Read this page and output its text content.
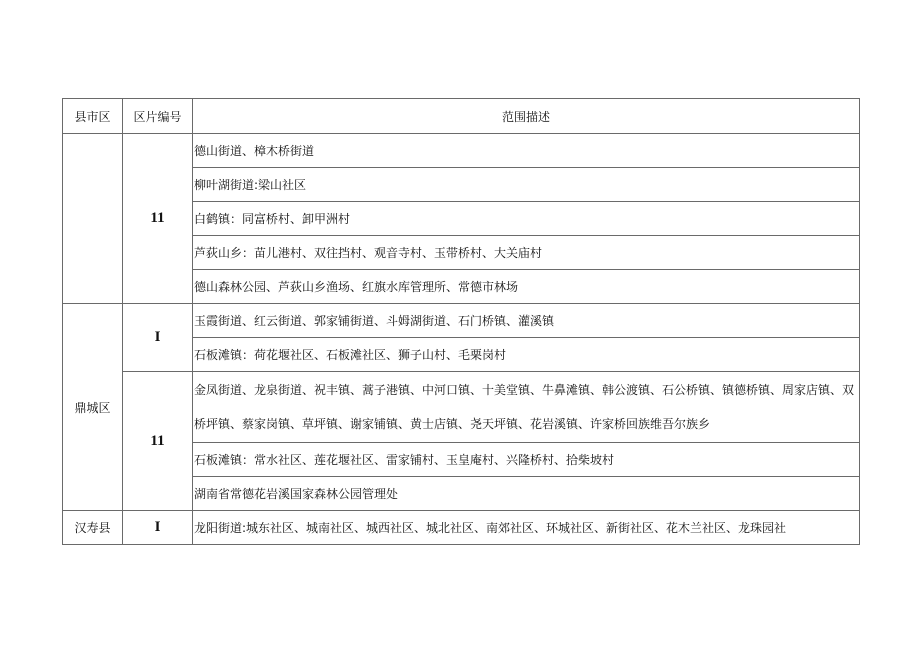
县市区	区片编号	范围描述
	11	德山街道、樟木桥街道
		柳叶湖街道:梁山社区
		白鹤镇：同富桥村、卸甲洲村
		芦荻山乡：苗儿港村、双往挡村、观音寺村、玉带桥村、大关庙村
		德山森林公园、芦荻山乡渔场、红旗水库管理所、常德市林场
鼎城区	I	玉霞街道、红云街道、郭家铺街道、斗姆湖街道、石门桥镇、灌溪镇
		石板滩镇：荷花堰社区、石板滩社区、狮子山村、毛栗岗村
	11	金凤街道、龙泉街道、祝丰镇、蒿子港镇、中河口镇、十美堂镇、牛鼻滩镇、韩公渡镇、石公桥镇、镇德桥镇、周家店镇、双桥坪镇、蔡家岗镇、草坪镇、谢家铺镇、黄士店镇、尧天坪镇、花岩溪镇、许家桥回族维吾尔族乡
		石板滩镇：常水社区、莲花堰社区、雷家铺村、玉皇庵村、兴隆桥村、拾柴坡村
		湖南省常德花岩溪国家森林公园管理处
汉寿县	I	龙阳街道:城东社区、城南社区、城西社区、城北社区、南郊社区、环城社区、新街社区、花木兰社区、龙珠园社
